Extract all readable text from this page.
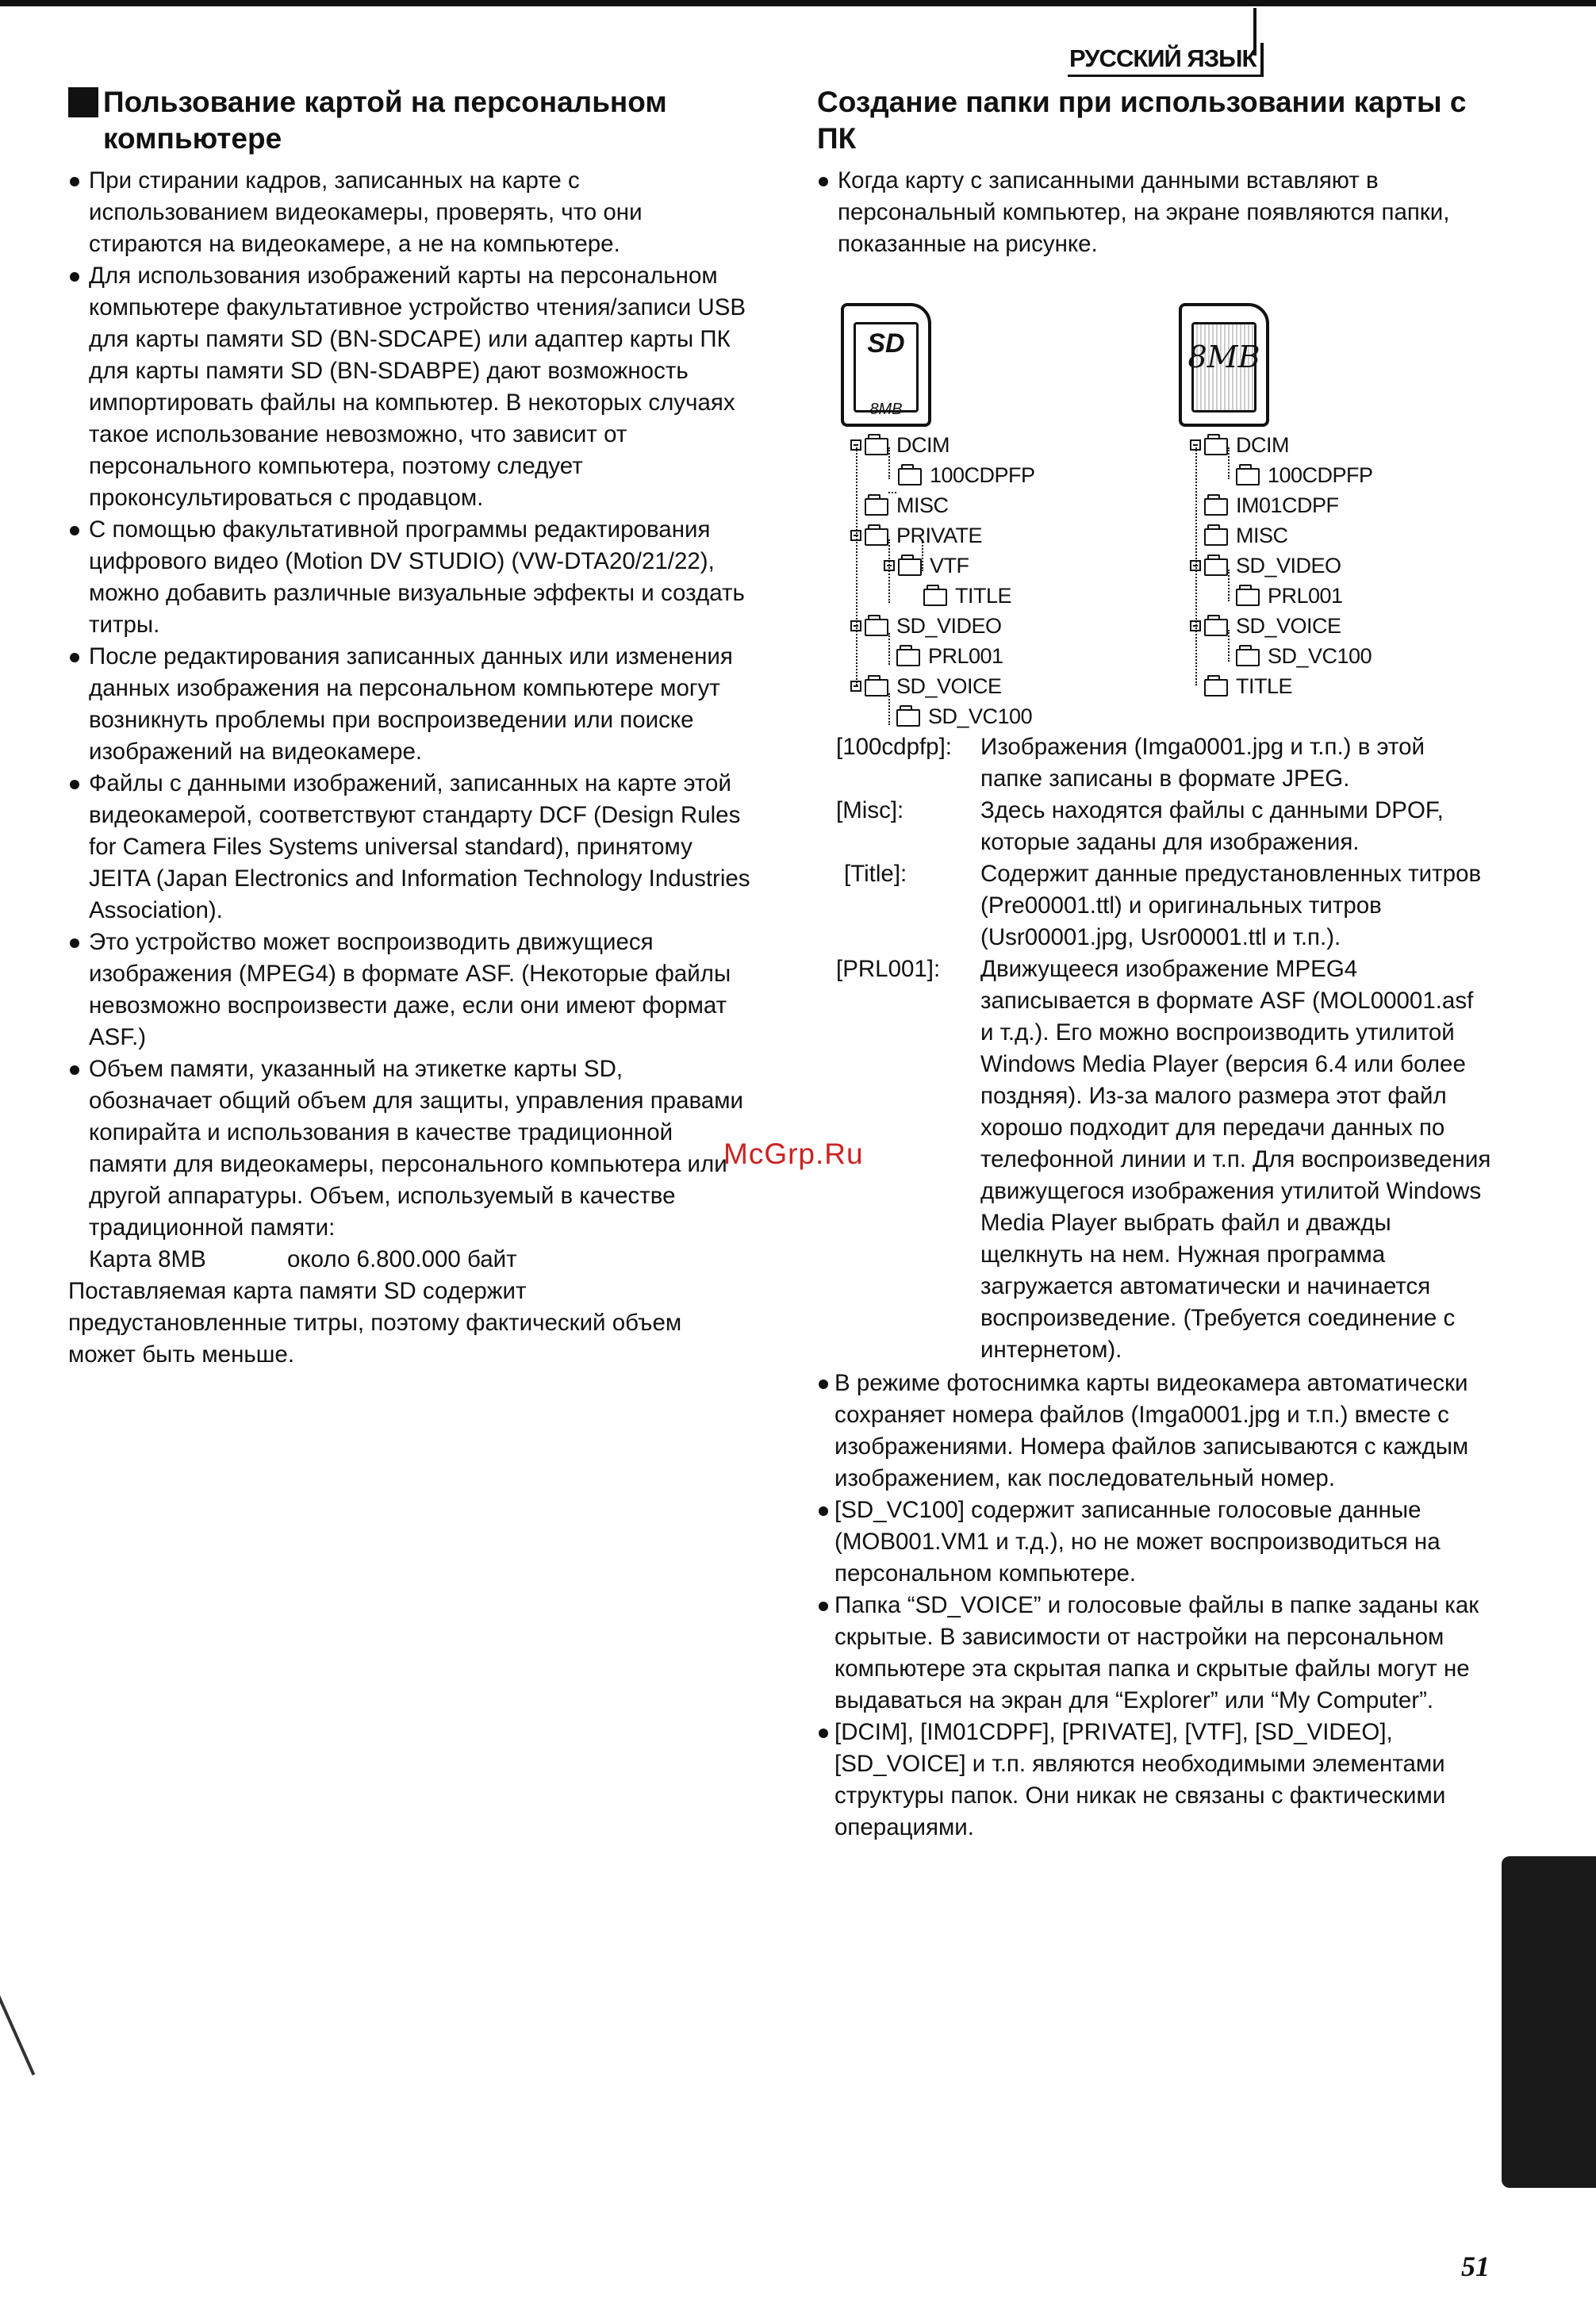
РУССКИЙ ЯЗЫК
Пользование картой на персональном компьютере
При стирании кадров, записанных на карте с использованием видеокамеры, проверять, что они стираются на видеокамере, а не на компьютере.
Для использования изображений карты на персональном компьютере факультативное устройство чтения/записи USB для карты памяти SD (BN-SDCAPE) или адаптер карты ПК для карты памяти SD (BN-SDABPE) дают возможность импортировать файлы на компьютер. В некоторых случаях такое использование невозможно, что зависит от персонального компьютера, поэтому следует проконсультироваться с продавцом.
С помощью факультативной программы редактирования цифрового видео (Motion DV STUDIO) (VW-DTA20/21/22), можно добавить различные визуальные эффекты и создать титры.
После редактирования записанных данных или изменения данных изображения на персональном компьютере могут возникнуть проблемы при воспроизведении или поиске изображений на видеокамере.
Файлы с данными изображений, записанных на карте этой видеокамерой, соответствуют стандарту DCF (Design Rules for Camera Files Systems universal standard), принятому JEITA (Japan Electronics and Information Technology Industries Association).
Это устройство может воспроизводить движущиеся изображения (MPEG4) в формате ASF. (Некоторые файлы невозможно воспроизвести даже, если они имеют формат ASF.)
Объем памяти, указанный на этикетке карты SD, обозначает общий объем для защиты, управления правами копирайта и использования в качестве традиционной памяти для видеокамеры, персонального компьютера или другой аппаратуры. Объем, используемый в качестве традиционной памяти:
Карта 8MB	около 6.800.000 байт

Поставляемая карта памяти SD содержит предустановленные титры, поэтому фактический объем может быть меньше.

Создание папки при использовании карты с ПК
Когда карту с записанными данными вставляют в персональный компьютер, на экране появляются папки, показанные на рисунке.
SD
8MB
8MB
DCIM
100CDPFP
MISC
PRIVATE
VTF
TITLE
SD_VIDEO
PRL001
SD_VOICE
SD_VC100
DCIM
100CDPFP
IM01CDPF
MISC
SD_VIDEO
PRL001
SD_VOICE
SD_VC100
TITLE
[100cdpfp]:	Изображения (Imga0001.jpg и т.п.) в этой папке записаны в формате JPEG.
[Misc]:	Здесь находятся файлы с данными DPOF, которые заданы для изображения.
[Title]:	Содержит данные предустановленных титров (Pre00001.ttl) и оригинальных титров (Usr00001.jpg, Usr00001.ttl и т.п.).
[PRL001]:	Движущееся изображение MPEG4 записывается в формате ASF (MOL00001.asf и т.д.). Его можно воспроизводить утилитой Windows Media Player (версия 6.4 или более поздняя). Из-за малого размера этот файл хорошо подходит для передачи данных по телефонной линии и т.п. Для воспроизведения движущегося изображения утилитой Windows Media Player выбрать файл и дважды щелкнуть на нем. Нужная программа загружается автоматически и начинается воспроизведение. (Требуется соединение с интернетом).
В режиме фотоснимка карты видеокамера автоматически сохраняет номера файлов (Imga0001.jpg и т.п.) вместе с изображениями. Номера файлов записываются с каждым изображением, как последовательный номер.
[SD_VC100] содержит записанные голосовые данные (MOB001.VM1 и т.д.), но не может воспроизводиться на персональном компьютере.
Папка “SD_VOICE” и голосовые файлы в папке заданы как скрытые. В зависимости от настройки на персональном компьютере эта скрытая папка и скрытые файлы могут не выдаваться на экран для “Explorer” или “My Computer”.
[DCIM], [IM01CDPF], [PRIVATE], [VTF], [SD_VIDEO], [SD_VOICE] и т.п. являются необходимыми элементами структуры папок. Они никак не связаны с фактическими операциями.
McGrp.Ru
51
